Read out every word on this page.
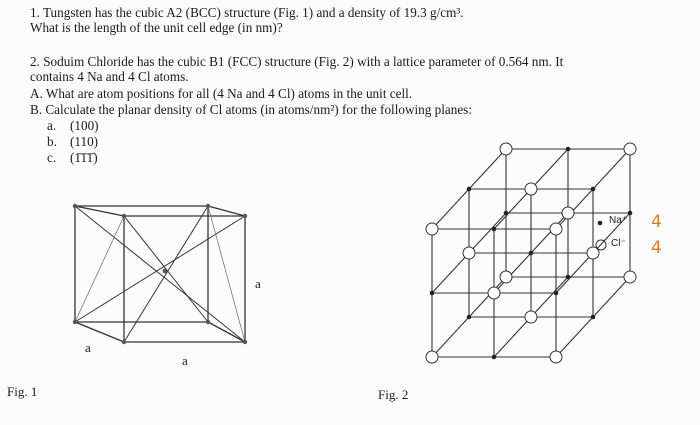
1. Tungsten has the cubic A2 (BCC) structure (Fig. 1) and a density of 19.3 g/cm³.
What is the length of the unit cell edge (in nm)?
2. Soduim Chloride has the cubic B1 (FCC) structure (Fig. 2) with a lattice parameter of 0.564 nm. It
contains 4 Na and 4 Cl atoms.
A. What are atom positions for all (4 Na and 4 Cl) atoms in the unit cell.
B. Calculate the planar density of Cl atoms (in atoms/nm²) for the following planes:
a. (100)
b. (110)
c. (1̄1̄1̄)
a
a
a
Fig. 1	Fig. 2
Na⁺
Cl⁻
4
4
